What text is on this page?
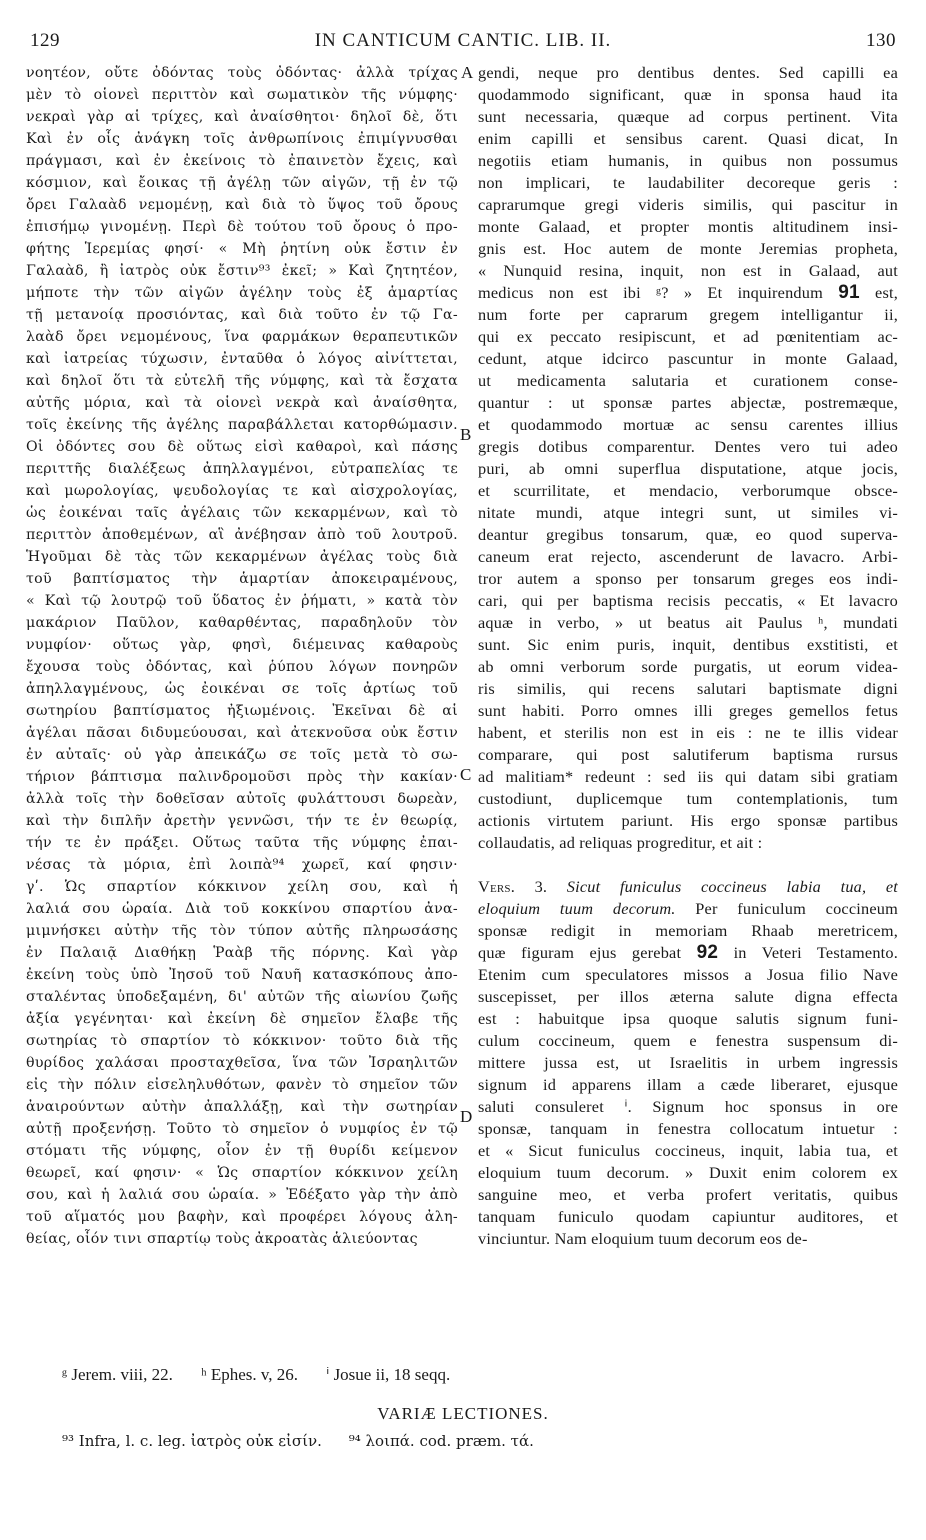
129	IN CANTICUM CANTIC. LIB. II.	130
νοητέον, οὔτε ὀδόντας τοὺς ὀδόντας· ἀλλὰ τρίχας
μὲν τὸ οἱονεὶ περιττὸν καὶ σωματικὸν τῆς νύμφης·
νεκραὶ γὰρ αἱ τρίχες, καὶ ἀναίσθητοι· δηλοῖ δὲ, ὅτι
Καὶ ἐν οἷς ἀνάγκη τοῖς ἀνθρωπίνοις ἐπιμίγνυσθαι
πράγμασι, καὶ ἐν ἐκείνοις τὸ ἐπαινετὸν ἔχεις, καὶ
κόσμιον, καὶ ἔοικας τῇ ἀγέλῃ τῶν αἰγῶν, τῇ ἐν τῷ
ὄρει Γαλαὰδ νεμομένῃ, καὶ διὰ τὸ ὕψος τοῦ ὄρους
ἐπισήμῳ γινομένῃ. Περὶ δὲ τούτου τοῦ ὄρους ὁ προ-
φήτης Ἱερεμίας φησί· « Μὴ ῥητίνη οὐκ ἔστιν ἐν
Γαλαὰδ, ἢ ἰατρὸς οὐκ ἔστιν⁹³ ἐκεῖ; » Καὶ ζητητέον,
μήποτε τὴν τῶν αἰγῶν ἀγέλην τοὺς ἐξ ἁμαρτίας
τῇ μετανοίᾳ προσιόντας, καὶ διὰ τοῦτο ἐν τῷ Γα-
λαὰδ ὄρει νεμομένους, ἵνα φαρμάκων θεραπευτικῶν
καὶ ἰατρείας τύχωσιν, ἐνταῦθα ὁ λόγος αἰνίττεται,
καὶ δηλοῖ ὅτι τὰ εὐτελῆ τῆς νύμφης, καὶ τὰ ἔσχατα
αὐτῆς μόρια, καὶ τὰ οἱονεὶ νεκρὰ καὶ ἀναίσθητα,
τοῖς ἐκείνης τῆς ἀγέλης παραβάλλεται κατορθώμασιν.
Οἱ ὀδόντες σου δὲ οὕτως εἰσὶ καθαροὶ, καὶ πάσης
περιττῆς διαλέξεως ἀπηλλαγμένοι, εὐτραπελίας τε
καὶ μωρολογίας, ψευδολογίας τε καὶ αἰσχρολογίας,
ὡς ἐοικέναι ταῖς ἀγέλαις τῶν κεκαρμένων, καὶ τὸ
περιττὸν ἀποθεμένων, αἳ ἀνέβησαν ἀπὸ τοῦ λουτροῦ.
Ἡγοῦμαι δὲ τὰς τῶν κεκαρμένων ἀγέλας τοὺς διὰ
τοῦ βαπτίσματος τὴν ἁμαρτίαν ἀποκειραμένους,
« Καὶ τῷ λουτρῷ τοῦ ὕδατος ἐν ῥήματι, » κατὰ τὸν
μακάριον Παῦλον, καθαρθέντας, παραδηλοῦν τὸν
νυμφίον· οὕτως γὰρ, φησὶ, διέμεινας καθαροὺς
ἔχουσα τοὺς ὀδόντας, καὶ ῥύπου λόγων πονηρῶν
ἀπηλλαγμένους, ὡς ἐοικέναι σε τοῖς ἀρτίως τοῦ
σωτηρίου βαπτίσματος ἠξιωμένοις. Ἐκεῖναι δὲ αἱ
ἀγέλαι πᾶσαι διδυμεύουσαι, καὶ ἀτεκνοῦσα οὐκ ἔστιν
ἐν αὐταῖς· οὐ γὰρ ἀπεικάζω σε τοῖς μετὰ τὸ σω-
τήριον βάπτισμα παλινδρομοῦσι πρὸς τὴν κακίαν·
ἀλλὰ τοῖς τὴν δοθεῖσαν αὐτοῖς φυλάττουσι δωρεὰν,
καὶ τὴν διπλῆν ἀρετὴν γεννῶσι, τήν τε ἐν θεωρίᾳ,
τήν τε ἐν πράξει. Οὕτως ταῦτα τῆς νύμφης ἐπαι-
νέσας τὰ μόρια, ἐπὶ λοιπὰ⁹⁴ χωρεῖ, καί φησιν·
γʹ. Ὡς σπαρτίον κόκκινον χείλη σου, καὶ ἡ
λαλιά σου ὡραία. Διὰ τοῦ κοκκίνου σπαρτίου ἀνα-
μιμνήσκει αὐτὴν τῆς τὸν τύπον αὐτῆς πληρωσάσης
ἐν Παλαιᾷ Διαθήκῃ Ῥαὰβ τῆς πόρνης. Καὶ γὰρ
ἐκείνη τοὺς ὑπὸ Ἰησοῦ τοῦ Ναυῆ κατασκόπους ἀπο-
σταλέντας ὑποδεξαμένη, δι' αὐτῶν τῆς αἰωνίου ζωῆς
ἀξία γεγένηται· καὶ ἐκείνη δὲ σημεῖον ἔλαβε τῆς
σωτηρίας τὸ σπαρτίον τὸ κόκκινον· τοῦτο διὰ τῆς
θυρίδος χαλάσαι προσταχθεῖσα, ἵνα τῶν Ἰσραηλιτῶν
εἰς τὴν πόλιν εἰσεληλυθότων, φανὲν τὸ σημεῖον τῶν
ἀναιρούντων αὐτὴν ἀπαλλάξῃ, καὶ τὴν σωτηρίαν
αὐτῇ προξενήσῃ. Τοῦτο τὸ σημεῖον ὁ νυμφίος ἐν τῷ
στόματι τῆς νύμφης, οἷον ἐν τῇ θυρίδι κείμενον
θεωρεῖ, καί φησιν· « Ὡς σπαρτίον κόκκινον χείλη
σου, καὶ ἡ λαλιά σου ὡραία. » Ἐδέξατο γὰρ τὴν ἀπὸ
τοῦ αἵματός μου βαφὴν, καὶ προφέρει λόγους ἀλη-
θείας, οἷόν τινι σπαρτίῳ τοὺς ἀκροατὰς ἁλιεύοντας
A
B
C
D
gendi, neque pro dentibus dentes. Sed capilli ea
quodammodo significant, quæ in sponsa haud ita
sunt necessaria, quæque ad corpus pertinent. Vita
enim capilli et sensibus carent. Quasi dicat, In
negotiis etiam humanis, in quibus non possumus
non implicari, te laudabiliter decoreque geris :
caprarumque gregi videris similis, qui pascitur in
monte Galaad, et propter montis altitudinem insi-
gnis est. Hoc autem de monte Jeremias propheta,
« Nunquid resina, inquit, non est in Galaad, aut
medicus non est ibi ᵍ? » Et inquirendum 91 est,
num forte per caprarum gregem intelligantur ii,
qui ex peccato resipiscunt, et ad pœnitentiam ac-
cedunt, atque idcirco pascuntur in monte Galaad,
ut medicamenta salutaria et curationem conse-
quantur : ut sponsæ partes abjectæ, postremæque,
et quodammodo mortuæ ac sensu carentes illius
gregis dotibus comparentur. Dentes vero tui adeo
puri, ab omni superflua disputatione, atque jocis,
et scurrilitate, et mendacio, verborumque obsce-
nitate mundi, atque integri sunt, ut similes vi-
deantur gregibus tonsarum, quæ, eo quod superva-
caneum erat rejecto, ascenderunt de lavacro. Arbi-
tror autem a sponso per tonsarum greges eos indi-
cari, qui per baptisma recisis peccatis, « Et lavacro
aquæ in verbo, » ut beatus ait Paulus ʰ, mundati
sunt. Sic enim puris, inquit, dentibus exstitisti, et
ab omni verborum sorde purgatis, ut eorum videa-
ris similis, qui recens salutari baptismate digni
sunt habiti. Porro omnes illi greges gemellos fetus
habent, et sterilis non est in eis : ne te illis videar
comparare, qui post salutiferum baptisma rursus
ad malitiam* redeunt : sed iis qui datam sibi gratiam
custodiunt, duplicemque tum contemplationis, tum
actionis virtutem pariunt. His ergo sponsæ partibus
collaudatis, ad reliquas progreditur, et ait :
Vers. 3. Sicut funiculus coccineus labia tua, et
eloquium tuum decorum. Per funiculum coccineum
sponsæ redigit in memoriam Rhaab meretricem,
quæ figuram ejus gerebat 92 in Veteri Testamento.
Etenim cum speculatores missos a Josua filio Nave
suscepisset, per illos æterna salute digna effecta
est : habuitque ipsa quoque salutis signum funi-
culum coccineum, quem e fenestra suspensum di-
mittere jussa est, ut Israelitis in urbem ingressis
signum id apparens illam a cæde liberaret, ejusque
saluti consuleret ⁱ. Signum hoc sponsus in ore
sponsæ, tanquam in fenestra collocatum intuetur :
et « Sicut funiculus coccineus, inquit, labia tua, et
eloquium tuum decorum. » Duxit enim colorem ex
sanguine meo, et verba profert veritatis, quibus
tanquam funiculo quodam capiuntur auditores, et
vinciuntur. Nam eloquium tuum decorum eos de-
ᵍ Jerem. viii, 22. ʰ Ephes. v, 26. ⁱ Josue ii, 18 seqq.
VARIÆ LECTIONES.
⁹³ Infra, l. c. leg. ἰατρὸς οὐκ εἰσίν. ⁹⁴ λοιπά. cod. præm. τά.
